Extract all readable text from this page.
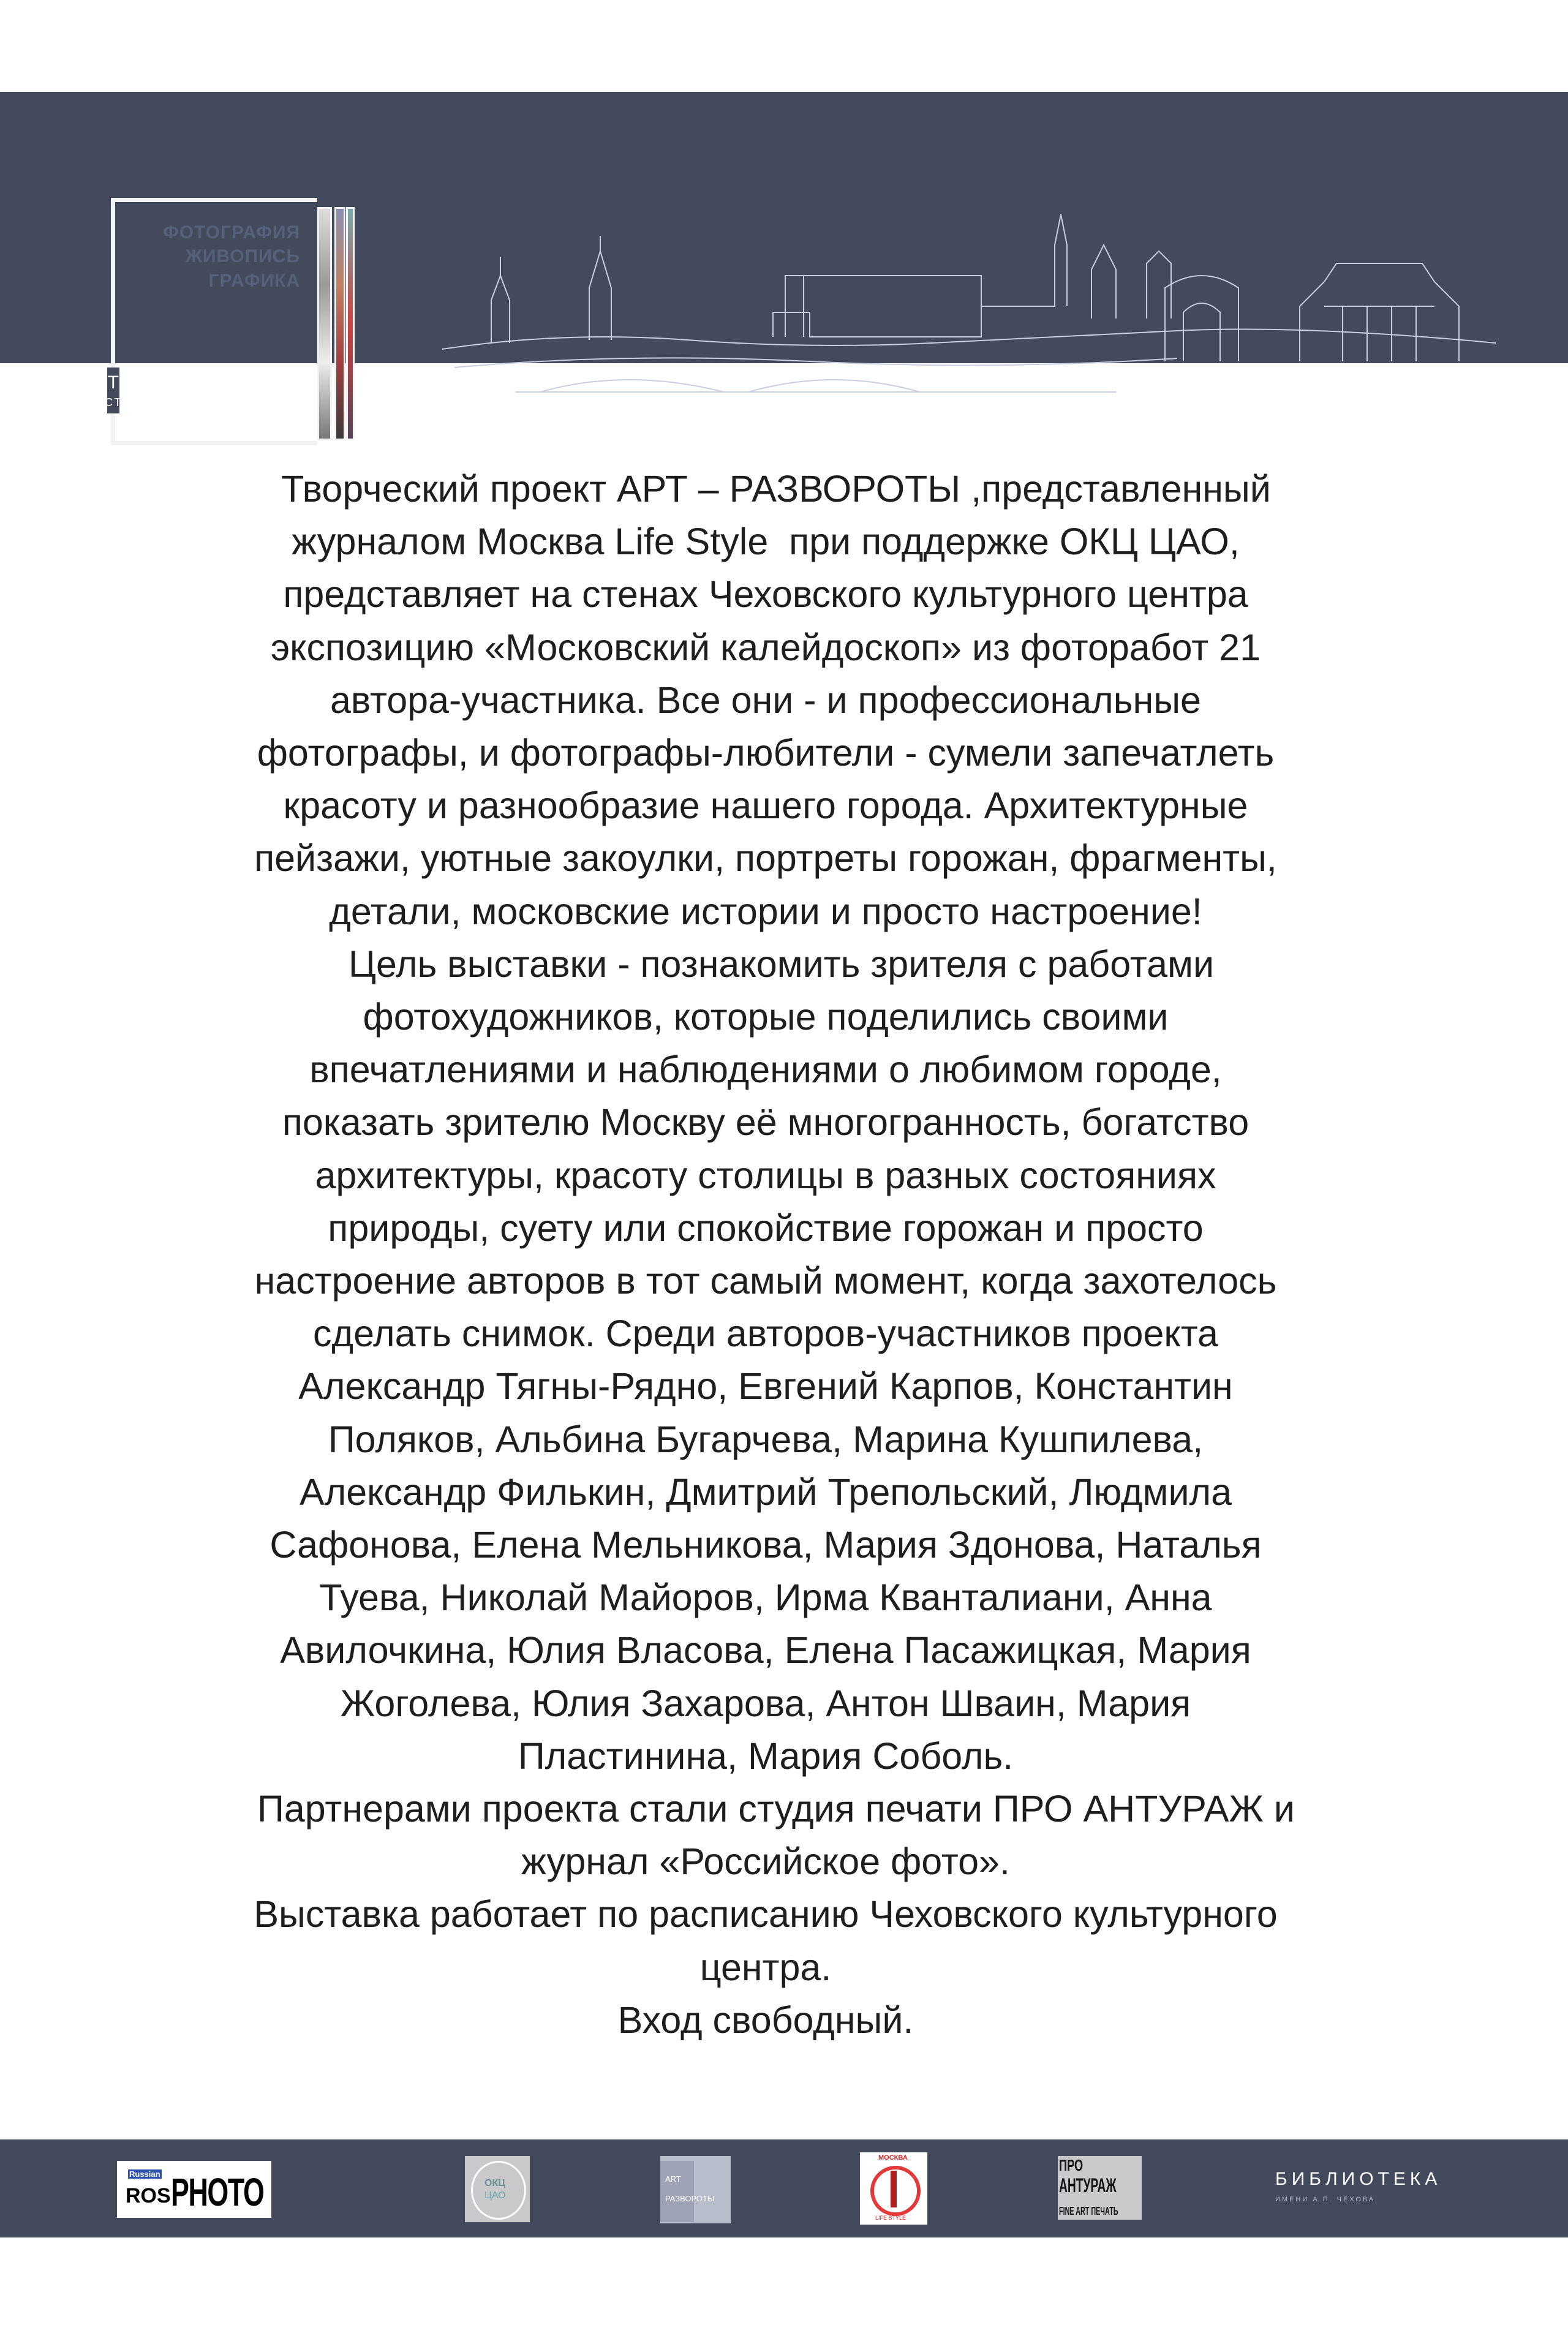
ФОТОГРАФИЯ
ЖИВОПИСЬ
ГРАФИКА
АРТ-РАЗВОРОТЫ
ВЫСТАВОЧНЫЙ ПРОЕКТ
Творческий проект АРТ – РАЗВОРОТЫ ,представленный
журналом Москва Life Style  при поддержке ОКЦ ЦАО,
представляет на стенах Чеховского культурного центра
экспозицию «Московский калейдоскоп» из фоторабот 21
автора-участника. Все они - и профессиональные
фотографы, и фотографы-любители - сумели запечатлеть
красоту и разнообразие нашего города. Архитектурные
пейзажи, уютные закоулки, портреты горожан, фрагменты,
детали, московские истории и просто настроение!
Цель выставки - познакомить зрителя с работами
фотохудожников, которые поделились своими
впечатлениями и наблюдениями о любимом городе,
показать зрителю Москву её многогранность, богатство
архитектуры, красоту столицы в разных состояниях
природы, суету или спокойствие горожан и просто
настроение авторов в тот самый момент, когда захотелось
сделать снимок. Среди авторов-участников проекта
Александр Тягны-Рядно, Евгений Карпов, Константин
Поляков, Альбина Бугарчева, Марина Кушпилева,
Александр Филькин, Дмитрий Трепольский, Людмила
Сафонова, Елена Мельникова, Мария Здонова, Наталья
Туева, Николай Майоров, Ирма Кванталиани, Анна
Авилочкина, Юлия Власова, Елена Пасажицкая, Мария
Жоголева, Юлия Захарова, Антон Шваин, Мария
Пластинина, Мария Соболь.
Партнерами проекта стали студия печати ПРО АНТУРАЖ и
журнал «Российское фото».
Выставка работает по расписанию Чеховского культурного
центра.
Вход свободный.
Russian
ROS PHOTO	ОКЦ
ЦАО
ART
РАЗВОРОТЫ
МОСКВА
LIFE STYLE
ПРО
АНТУРАЖ
FINE ART ПЕЧАТЬ
БИБЛИОТЕКА
ИМЕНИ А.П. ЧЕХОВА
